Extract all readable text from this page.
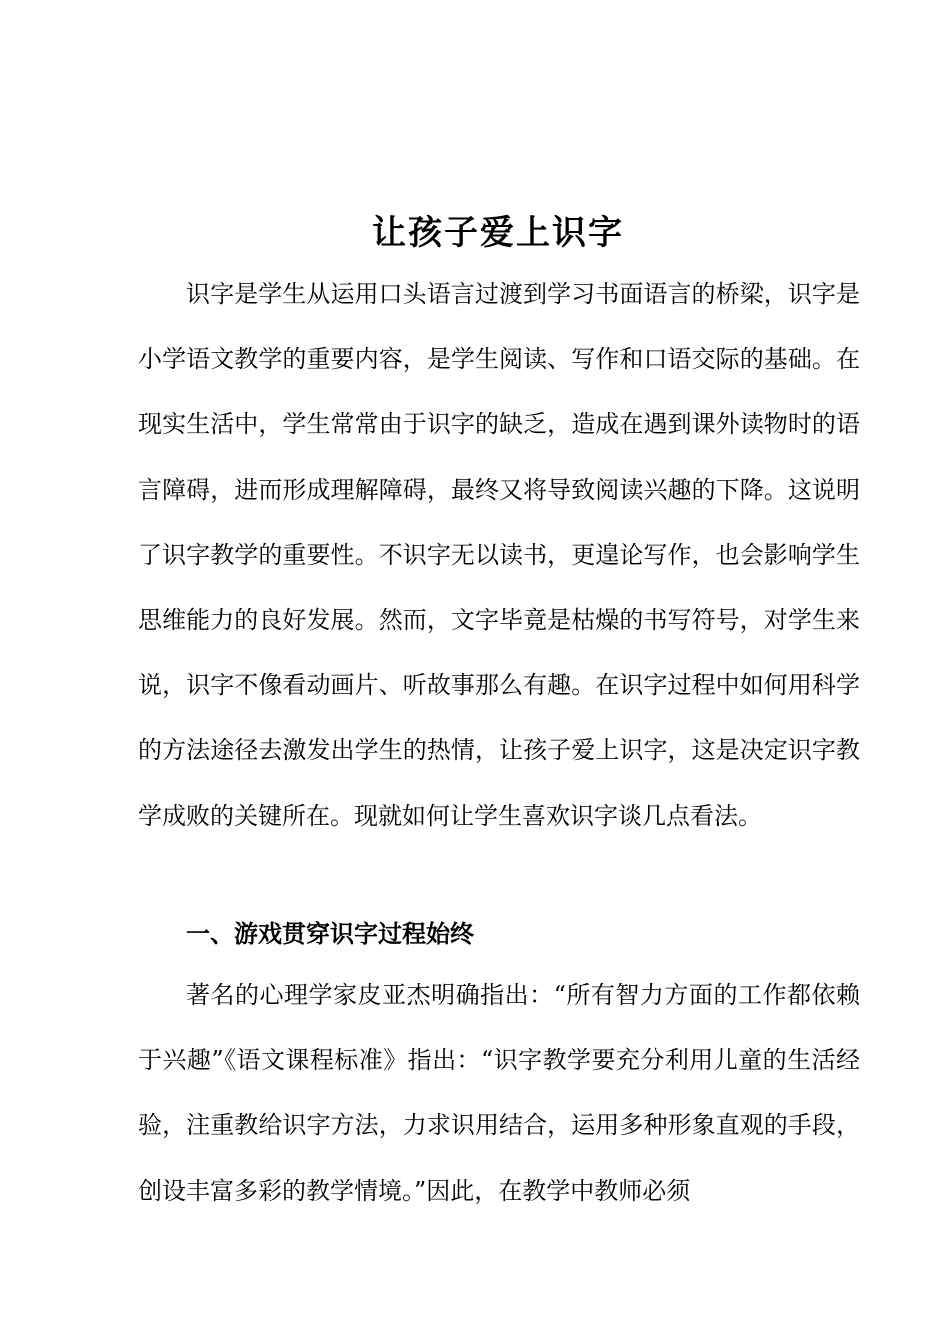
让孩子爱上识字

识字是学生从运用口头语言过渡到学习书面语言的桥梁，识字是小学语文教学的重要内容，是学生阅读、写作和口语交际的基础。在现实生活中，学生常常由于识字的缺乏，造成在遇到课外读物时的语言障碍，进而形成理解障碍，最终又将导致阅读兴趣的下降。这说明了识字教学的重要性。不识字无以读书，更遑论写作，也会影响学生思维能力的良好发展。然而，文字毕竟是枯燥的书写符号，对学生来说，识字不像看动画片、听故事那么有趣。在识字过程中如何用科学的方法途径去激发出学生的热情，让孩子爱上识字，这是决定识字教学成败的关键所在。现就如何让学生喜欢识字谈几点看法。

一、游戏贯穿识字过程始终

著名的心理学家皮亚杰明确指出：“所有智力方面的工作都依赖于兴趣”《语文课程标准》指出：“识字教学要充分利用儿童的生活经验，注重教给识字方法，力求识用结合，运用多种形象直观的手段，创设丰富多彩的教学情境。”因此，在教学中教师必须
